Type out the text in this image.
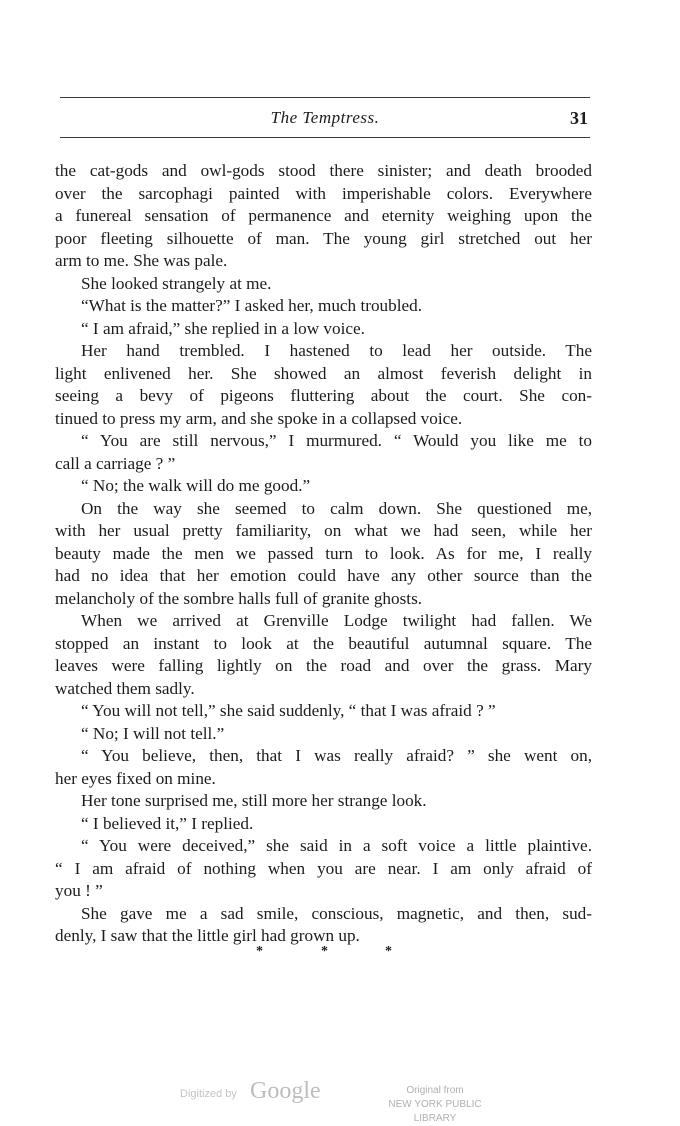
The Temptress.	31
the cat-gods and owl-gods stood there sinister; and death brooded
over the sarcophagi painted with imperishable colors. Everywhere
a funereal sensation of permanence and eternity weighing upon the
poor fleeting silhouette of man. The young girl stretched out her
arm to me. She was pale.
She looked strangely at me.
“What is the matter?” I asked her, much troubled.
“ I am afraid,” she replied in a low voice.
Her hand trembled. I hastened to lead her outside. The
light enlivened her. She showed an almost feverish delight in
seeing a bevy of pigeons fluttering about the court. She con-
tinued to press my arm, and she spoke in a collapsed voice.
“ You are still nervous,” I murmured. “ Would you like me to
call a carriage ? ”
“ No; the walk will do me good.”
On the way she seemed to calm down. She questioned me,
with her usual pretty familiarity, on what we had seen, while her
beauty made the men we passed turn to look. As for me, I really
had no idea that her emotion could have any other source than the
melancholy of the sombre halls full of granite ghosts.
When we arrived at Grenville Lodge twilight had fallen. We
stopped an instant to look at the beautiful autumnal square. The
leaves were falling lightly on the road and over the grass. Mary
watched them sadly.
“ You will not tell,” she said suddenly, “ that I was afraid ? ”
“ No; I will not tell.”
“ You believe, then, that I was really afraid? ” she went on,
her eyes fixed on mine.
Her tone surprised me, still more her strange look.
“ I believed it,” I replied.
“ You were deceived,” she said in a soft voice a little plaintive.
“ I am afraid of nothing when you are near. I am only afraid of
you ! ”
She gave me a sad smile, conscious, magnetic, and then, sud-
denly, I saw that the little girl had grown up.
*	*	*
Digitized by Google	Original from
NEW YORK PUBLIC LIBRARY
